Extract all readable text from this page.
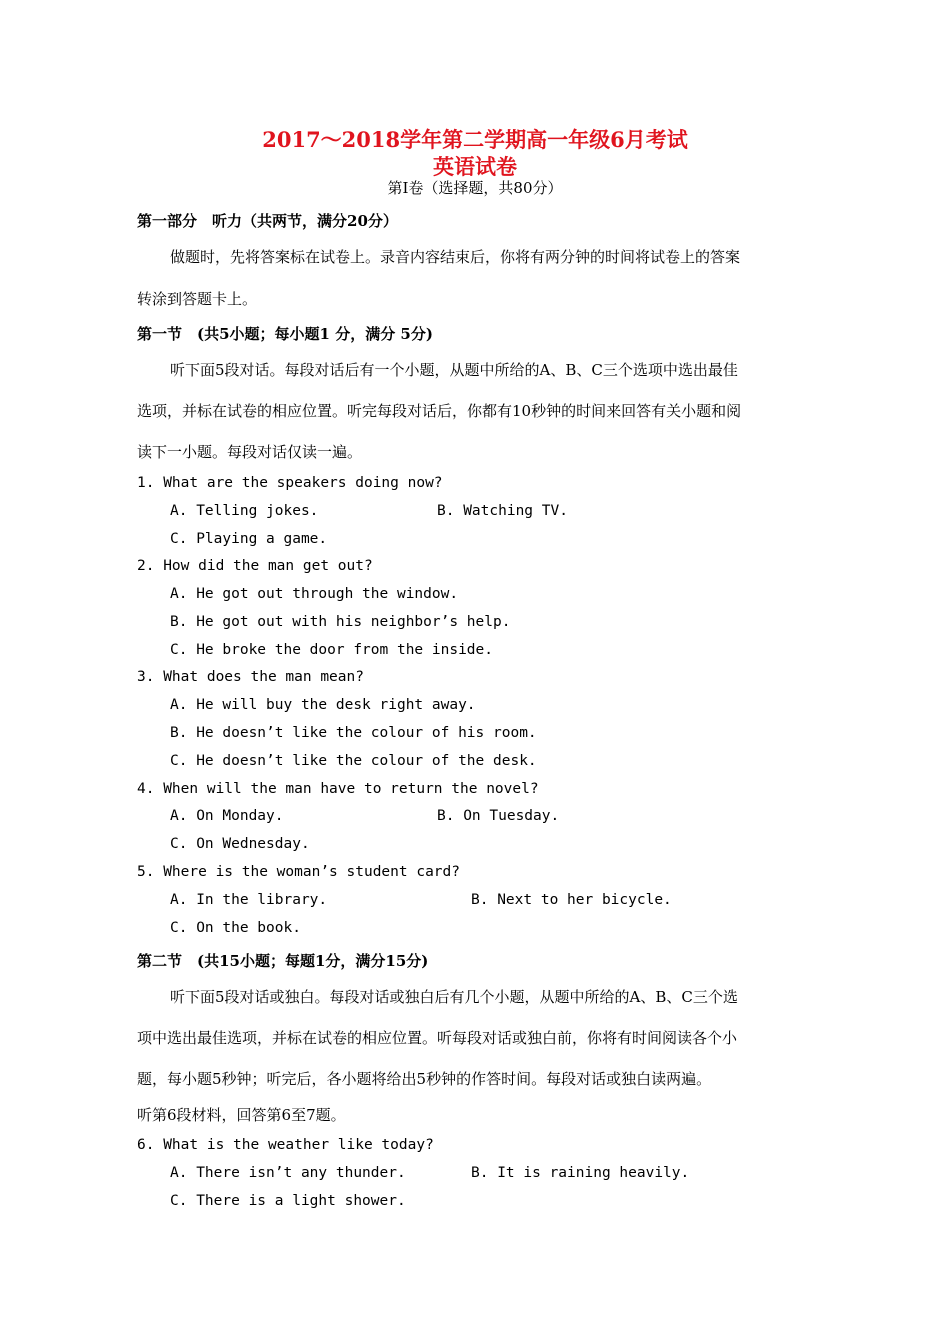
2017～2018学年第二学期高一年级6月考试
英语试卷
第Ⅰ卷（选择题，共80分）
第一部分　听力（共两节，满分20分）
做题时，先将答案标在试卷上。录音内容结束后，你将有两分钟的时间将试卷上的答案
转涂到答题卡上。
第一节　(共5小题；每小题1 分，满分 5分)
听下面5段对话。每段对话后有一个小题，从题中所给的A、B、C三个选项中选出最佳
选项，并标在试卷的相应位置。听完每段对话后，你都有10秒钟的时间来回答有关小题和阅
读下一小题。每段对话仅读一遍。
1. What are the speakers doing now?
A. Telling jokes.	B. Watching TV.
C. Playing a game.
2. How did the man get out?
A. He got out through the window.
B. He got out with his neighbor’s help.
C. He broke the door from the inside.
3. What does the man mean?
A. He will buy the desk right away.
B. He doesn’t like the colour of his room.
C. He doesn’t like the colour of the desk.
4. When will the man have to return the novel?
A. On Monday.	B. On Tuesday.
C. On Wednesday.
5. Where is the woman’s student card?
A. In the library.	B. Next to her bicycle.
C. On the book.
第二节　(共15小题；每题1分，满分15分)
听下面5段对话或独白。每段对话或独白后有几个小题，从题中所给的A、B、C三个选
项中选出最佳选项，并标在试卷的相应位置。听每段对话或独白前，你将有时间阅读各个小
题，每小题5秒钟；听完后，各小题将给出5秒钟的作答时间。每段对话或独白读两遍。
听第6段材料，回答第6至7题。
6. What is the weather like today?
A. There isn’t any thunder.	B. It is raining heavily.
C. There is a light shower.
